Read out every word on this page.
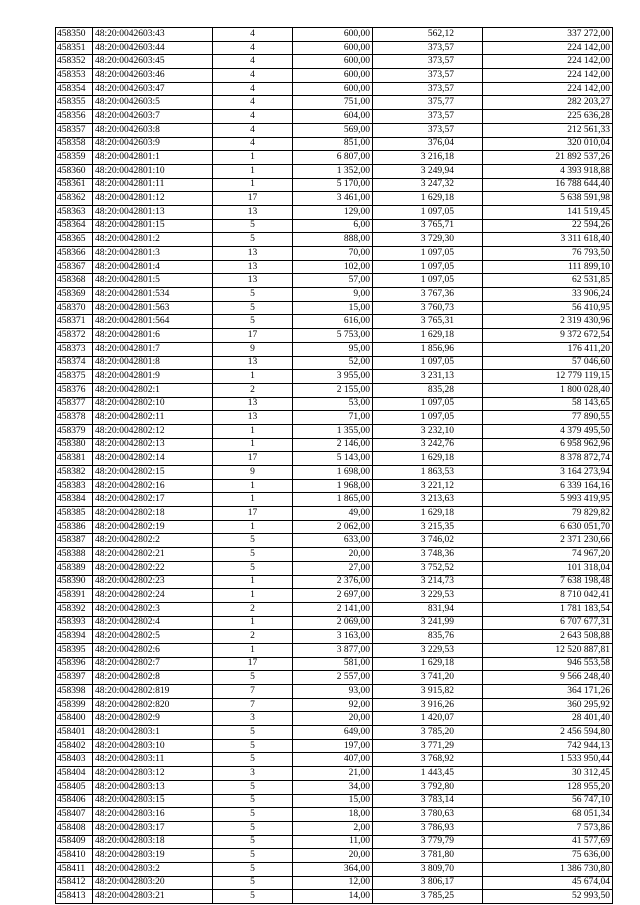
458350	48:20:0042603:43	4	600,00	562,12	337 272,00
458351	48:20:0042603:44	4	600,00	373,57	224 142,00
458352	48:20:0042603:45	4	600,00	373,57	224 142,00
458353	48:20:0042603:46	4	600,00	373,57	224 142,00
458354	48:20:0042603:47	4	600,00	373,57	224 142,00
458355	48:20:0042603:5	4	751,00	375,77	282 203,27
458356	48:20:0042603:7	4	604,00	373,57	225 636,28
458357	48:20:0042603:8	4	569,00	373,57	212 561,33
458358	48:20:0042603:9	4	851,00	376,04	320 010,04
458359	48:20:0042801:1	1	6 807,00	3 216,18	21 892 537,26
458360	48:20:0042801:10	1	1 352,00	3 249,94	4 393 918,88
458361	48:20:0042801:11	1	5 170,00	3 247,32	16 788 644,40
458362	48:20:0042801:12	17	3 461,00	1 629,18	5 638 591,98
458363	48:20:0042801:13	13	129,00	1 097,05	141 519,45
458364	48:20:0042801:15	5	6,00	3 765,71	22 594,26
458365	48:20:0042801:2	5	888,00	3 729,30	3 311 618,40
458366	48:20:0042801:3	13	70,00	1 097,05	76 793,50
458367	48:20:0042801:4	13	102,00	1 097,05	111 899,10
458368	48:20:0042801:5	13	57,00	1 097,05	62 531,85
458369	48:20:0042801:534	5	9,00	3 767,36	33 906,24
458370	48:20:0042801:563	5	15,00	3 760,73	56 410,95
458371	48:20:0042801:564	5	616,00	3 765,31	2 319 430,96
458372	48:20:0042801:6	17	5 753,00	1 629,18	9 372 672,54
458373	48:20:0042801:7	9	95,00	1 856,96	176 411,20
458374	48:20:0042801:8	13	52,00	1 097,05	57 046,60
458375	48:20:0042801:9	1	3 955,00	3 231,13	12 779 119,15
458376	48:20:0042802:1	2	2 155,00	835,28	1 800 028,40
458377	48:20:0042802:10	13	53,00	1 097,05	58 143,65
458378	48:20:0042802:11	13	71,00	1 097,05	77 890,55
458379	48:20:0042802:12	1	1 355,00	3 232,10	4 379 495,50
458380	48:20:0042802:13	1	2 146,00	3 242,76	6 958 962,96
458381	48:20:0042802:14	17	5 143,00	1 629,18	8 378 872,74
458382	48:20:0042802:15	9	1 698,00	1 863,53	3 164 273,94
458383	48:20:0042802:16	1	1 968,00	3 221,12	6 339 164,16
458384	48:20:0042802:17	1	1 865,00	3 213,63	5 993 419,95
458385	48:20:0042802:18	17	49,00	1 629,18	79 829,82
458386	48:20:0042802:19	1	2 062,00	3 215,35	6 630 051,70
458387	48:20:0042802:2	5	633,00	3 746,02	2 371 230,66
458388	48:20:0042802:21	5	20,00	3 748,36	74 967,20
458389	48:20:0042802:22	5	27,00	3 752,52	101 318,04
458390	48:20:0042802:23	1	2 376,00	3 214,73	7 638 198,48
458391	48:20:0042802:24	1	2 697,00	3 229,53	8 710 042,41
458392	48:20:0042802:3	2	2 141,00	831,94	1 781 183,54
458393	48:20:0042802:4	1	2 069,00	3 241,99	6 707 677,31
458394	48:20:0042802:5	2	3 163,00	835,76	2 643 508,88
458395	48:20:0042802:6	1	3 877,00	3 229,53	12 520 887,81
458396	48:20:0042802:7	17	581,00	1 629,18	946 553,58
458397	48:20:0042802:8	5	2 557,00	3 741,20	9 566 248,40
458398	48:20:0042802:819	7	93,00	3 915,82	364 171,26
458399	48:20:0042802:820	7	92,00	3 916,26	360 295,92
458400	48:20:0042802:9	3	20,00	1 420,07	28 401,40
458401	48:20:0042803:1	5	649,00	3 785,20	2 456 594,80
458402	48:20:0042803:10	5	197,00	3 771,29	742 944,13
458403	48:20:0042803:11	5	407,00	3 768,92	1 533 950,44
458404	48:20:0042803:12	3	21,00	1 443,45	30 312,45
458405	48:20:0042803:13	5	34,00	3 792,80	128 955,20
458406	48:20:0042803:15	5	15,00	3 783,14	56 747,10
458407	48:20:0042803:16	5	18,00	3 780,63	68 051,34
458408	48:20:0042803:17	5	2,00	3 786,93	7 573,86
458409	48:20:0042803:18	5	11,00	3 779,79	41 577,69
458410	48:20:0042803:19	5	20,00	3 781,80	75 636,00
458411	48:20:0042803:2	5	364,00	3 809,70	1 386 730,80
458412	48:20:0042803:20	5	12,00	3 806,17	45 674,04
458413	48:20:0042803:21	5	14,00	3 785,25	52 993,50
